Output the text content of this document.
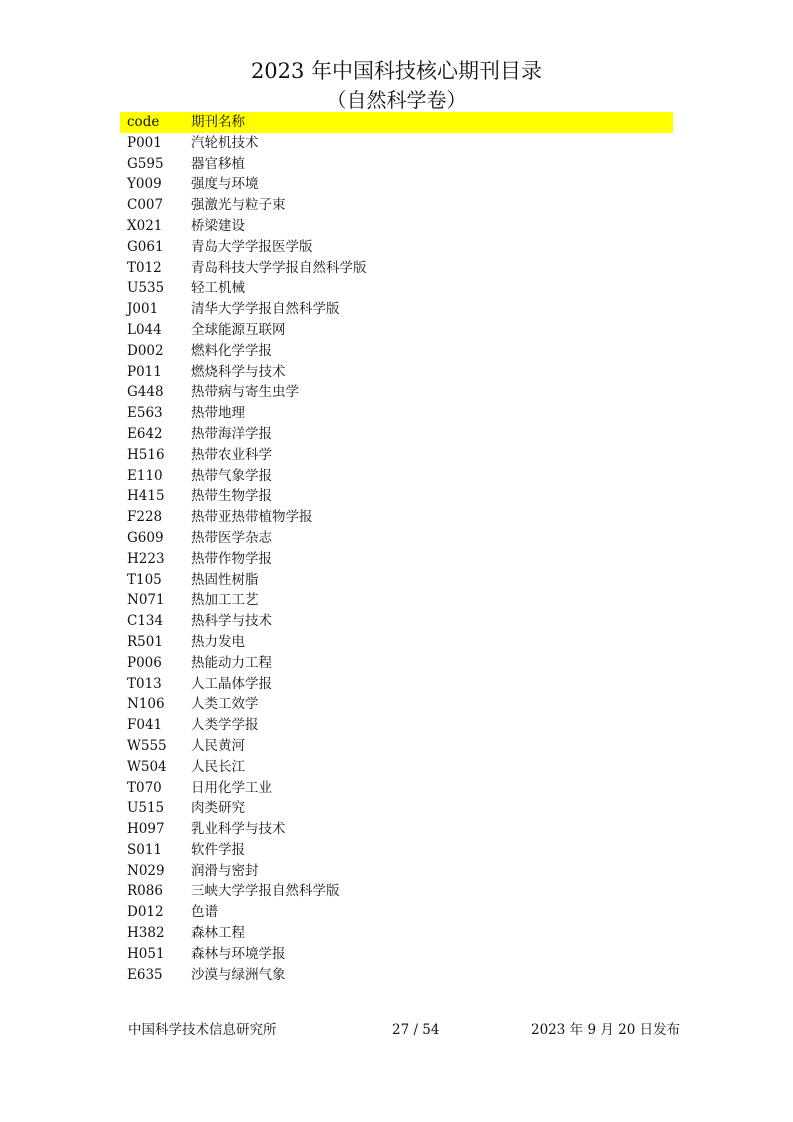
2023 年中国科技核心期刊目录
（自然科学卷）
code	期刊名称
P001	汽轮机技术
G595	器官移植
Y009	强度与环境
C007	强激光与粒子束
X021	桥梁建设
G061	青岛大学学报医学版
T012	青岛科技大学学报自然科学版
U535	轻工机械
J001	清华大学学报自然科学版
L044	全球能源互联网
D002	燃料化学学报
P011	燃烧科学与技术
G448	热带病与寄生虫学
E563	热带地理
E642	热带海洋学报
H516	热带农业科学
E110	热带气象学报
H415	热带生物学报
F228	热带亚热带植物学报
G609	热带医学杂志
H223	热带作物学报
T105	热固性树脂
N071	热加工工艺
C134	热科学与技术
R501	热力发电
P006	热能动力工程
T013	人工晶体学报
N106	人类工效学
F041	人类学学报
W555	人民黄河
W504	人民长江
T070	日用化学工业
U515	肉类研究
H097	乳业科学与技术
S011	软件学报
N029	润滑与密封
R086	三峡大学学报自然科学版
D012	色谱
H382	森林工程
H051	森林与环境学报
E635	沙漠与绿洲气象
中国科学技术信息研究所	27 / 54	2023 年 9 月 20 日发布
